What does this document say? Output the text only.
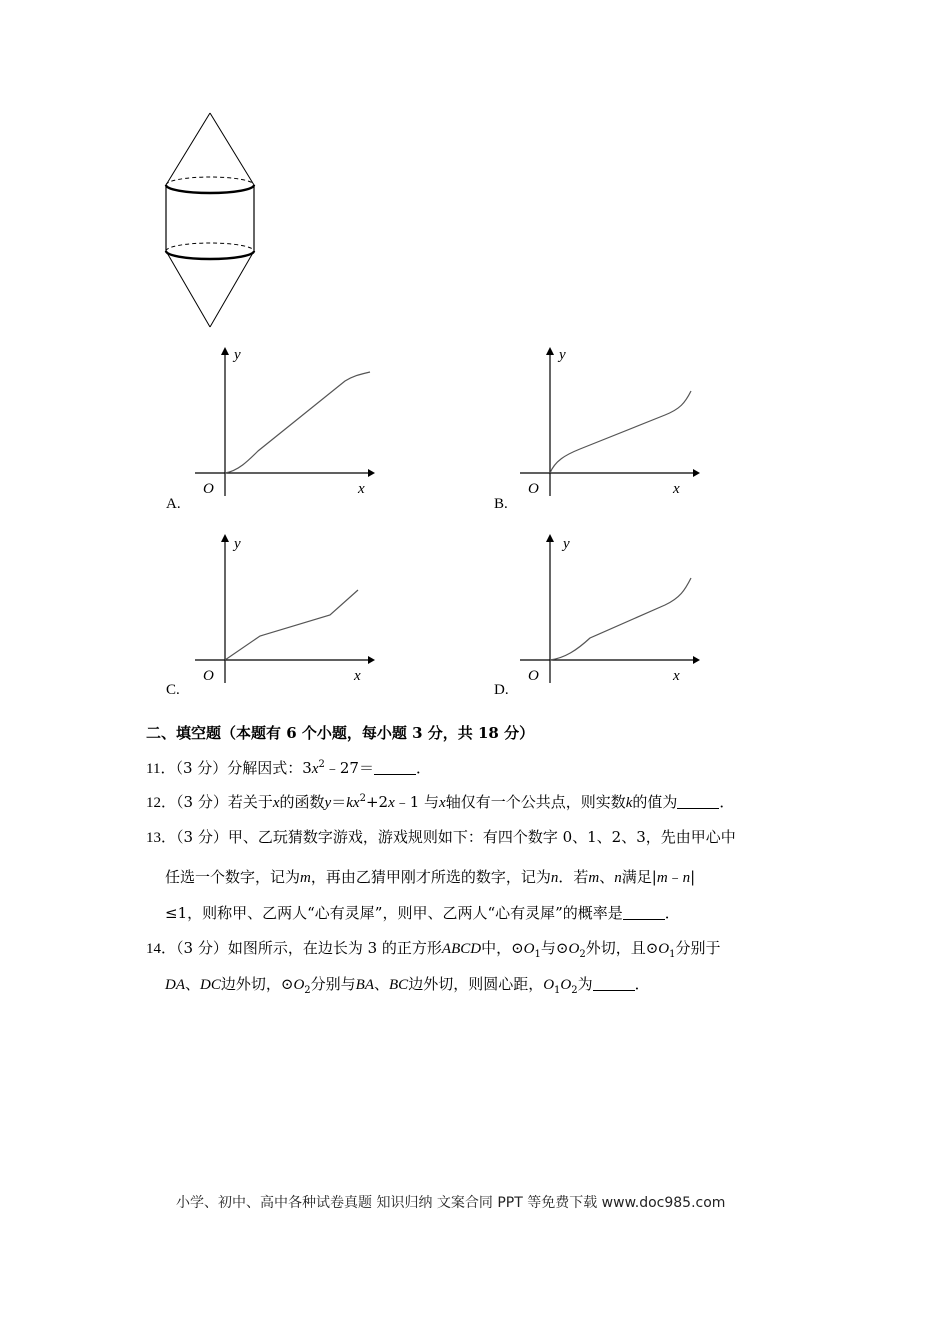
y
x
O
A.
y
x
O
B.
y
x
O
C.
y
x
O
D.
二、填空题（本题有 6 个小题，每小题 3 分，共 18 分）
11．（3 分）分解因式：$3x^2﹣27=$	．
12．（3 分）若关于x的函数$y=kx^2+2x﹣1$ 与x轴仅有一个公共点，则实数k的值为	．
13．（3 分）甲、乙玩猜数字游戏，游戏规则如下：有四个数字 0、1、2、3，先由甲心中
任选一个数字，记为m，再由乙猜甲刚才所选的数字，记为n．若m、n满足|m﹣n|
≤1，则称甲、乙两人“心有灵犀”，则甲、乙两人“心有灵犀”的概率是	．
14．（3 分）如图所示，在边长为 3 的正方形ABCD中，$⊙O_1$与$⊙O_2$外切，且$⊙O_1$分别于
DA、DC边外切，$⊙O_2$分别与BA、BC边外切，则圆心距，$O_1O_2$为	．
小学、初中、高中各种试卷真题 知识归纳 文案合同 PPT 等免费下载 www.doc985.com
